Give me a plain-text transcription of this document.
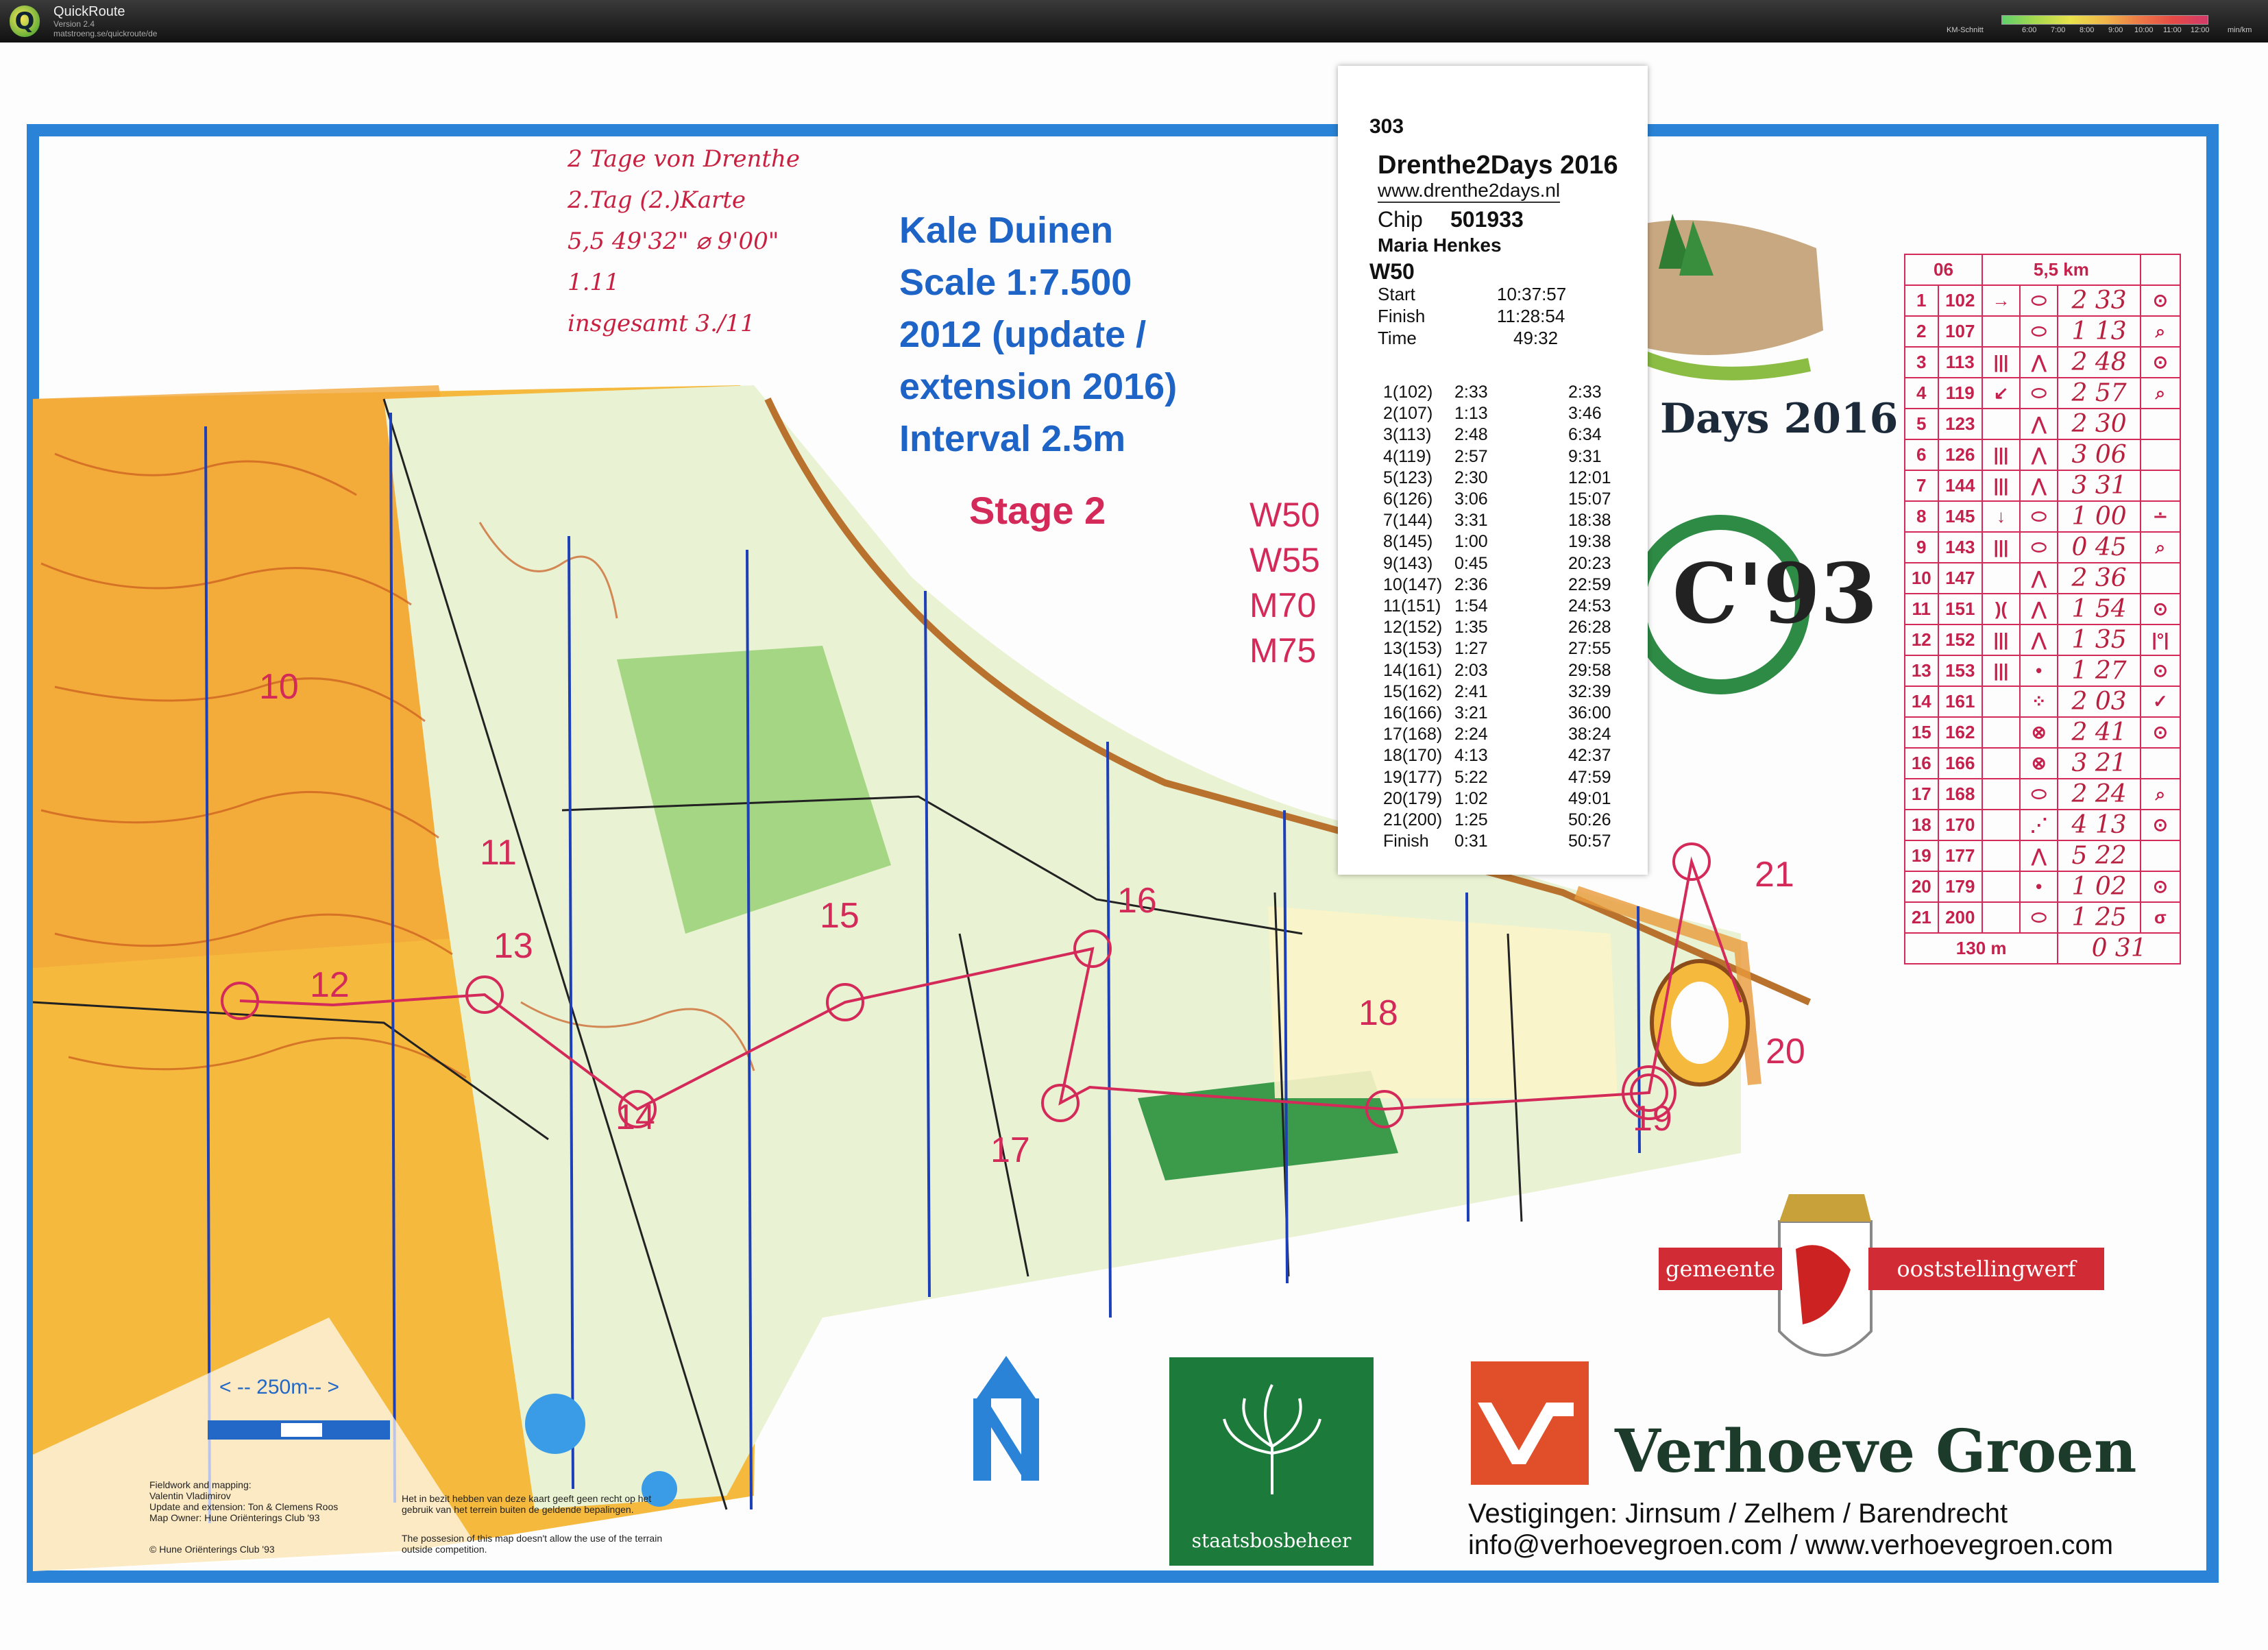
Q	QuickRoute
Version 2.4
matstroeng.se/quickroute/de	KM-Schnitt	6:00 7:00 8:00 9:00 10:00 11:00 12:00 min/km
2 Tage von Drenthe
2.Tag (2.)Karte
5,5 49'32" ⌀ 9'00"
1.11
insgesamt 3./11
Kale Duinen
Scale 1:7.500
2012 (update /
extension 2016)
Interval 2.5m
Stage 2	W50
W55
M70
M75
10
11
12
13
14
15	16
17
18
19
20
21
< -- 250m-- >
Fieldwork and mapping:
Valentin Vladimirov
Update and extension: Ton & Clemens Roos
Map Owner: Hune Oriënterings Club '93
© Hune Oriënterings Club '93
Het in bezit hebben van deze kaart geeft geen recht op het
gebruik van het terrein buiten de geldende bepalingen.
The possesion of this map doesn't allow the use of the terrain
outside competition.
Days 2016
C'93
303
Drenthe2Days 2016
www.drenthe2days.nl
Chip 501933
Maria Henkes
W50
Start	10:37:57
Finish	11:28:54
Time	49:32
1(102) 2:33	2:33
2(107) 1:13	3:46
3(113) 2:48	6:34
4(119) 2:57	9:31
5(123) 2:30	12:01
6(126) 3:06	15:07
7(144) 3:31	18:38
8(145) 1:00	19:38
9(143) 0:45	20:23
10(147) 2:36	22:59
11(151) 1:54	24:53
12(152) 1:35	26:28
13(153) 1:27	27:55
14(161) 2:03	29:58
15(162) 2:41	32:39
16(166) 3:21	36:00
17(168) 2:24	38:24
18(170) 4:13	42:37
19(177) 5:22	47:59
20(179) 1:02	49:01
21(200) 1:25	50:26
Finish 0:31	50:57
06		5,5 km			
1	102	→	⬭	2 33	⊙
2	107		⬭	1 13	⌕
3	113	|||	⋀	2 48	⊙
4	119	↙	⬭	2 57	⌕
5	123		⋀	2 30	
6	126	|||	⋀	3 06	
7	144	|||	⋀	3 31	
8	145	↓	⬭	1 00	∸
9	143	|||	⬭	0 45	⌕
10	147		⋀	2 36	
11	151	)(	⋀	1 54	⊙
12	152	|||	⋀	1 35	|°|
13	153	|||	•	1 27	⊙
14	161		⁘	2 03	✓
15	162		⊗	2 41	⊙
16	166		⊗	3 21	
17	168		⬭	2 24	⌕
18	170		⋰	4 13	⊙
19	177		⋀	5 22	
20	179		•	1 02	⊙
21	200		⬭	1 25	σ
130 m				0 31	
gemeente	ooststellingwerf
staatsbosbeheer
Verhoeve Groen
Vestigingen: Jirnsum / Zelhem / Barendrecht
info@verhoevegroen.com / www.verhoevegroen.com
